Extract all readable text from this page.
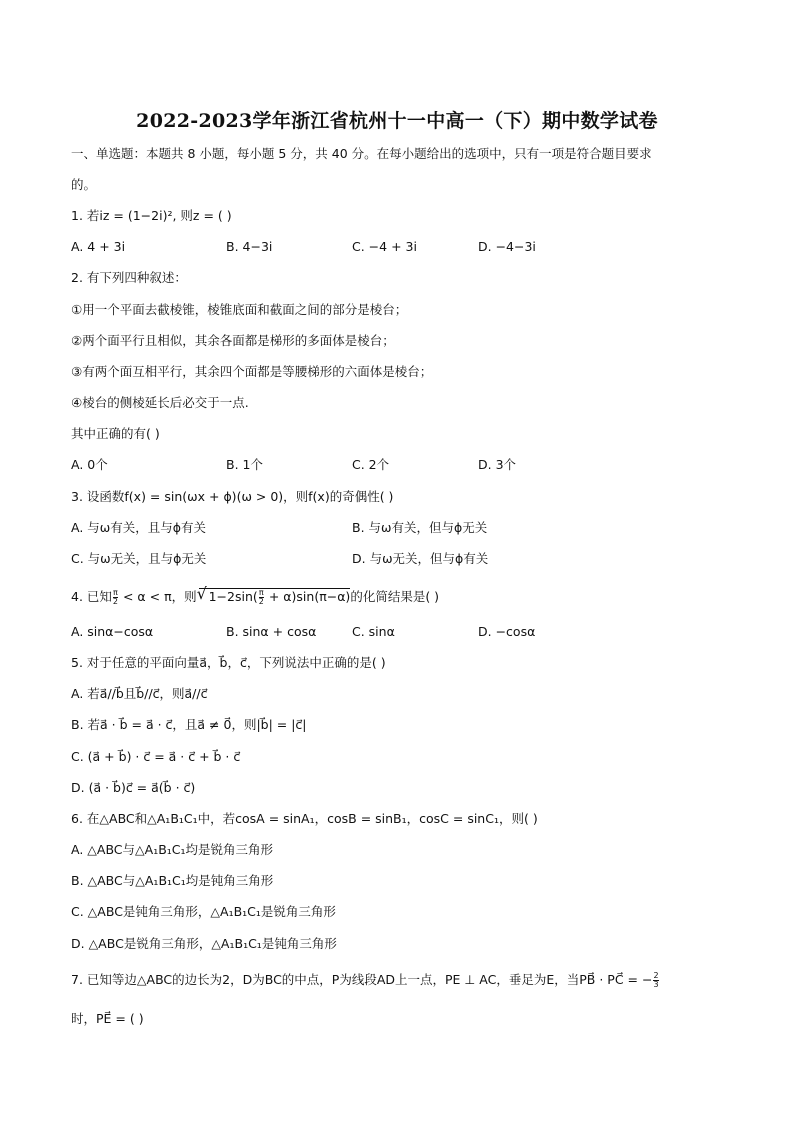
2022-2023学年浙江省杭州十一中高一（下）期中数学试卷
一、单选题：本题共 8 小题，每小题 5 分，共 40 分。在每小题给出的选项中，只有一项是符合题目要求
的。
1. 若iz = (1−2i)², 则z = ( )
A. 4 + 3i	B. 4−3i	C. −4 + 3i	D. −4−3i
2. 有下列四种叙述：
①用一个平面去截棱锥，棱锥底面和截面之间的部分是棱台；
②两个面平行且相似，其余各面都是梯形的多面体是棱台；
③有两个面互相平行，其余四个面都是等腰梯形的六面体是棱台；
④棱台的侧棱延长后必交于一点.
其中正确的有( )
A. 0个	B. 1个	C. 2个	D. 3个
3. 设函数f(x) = sin(ωx + ϕ)(ω > 0)，则f(x)的奇偶性( )
A. 与ω有关，且与ϕ有关	B. 与ω有关，但与ϕ无关
C. 与ω无关，且与ϕ无关	D. 与ω无关，但与ϕ有关
4. 已知 $\frac{\pi}{2} < \alpha < \pi$，则√ $1-2\sin( \frac{\pi}{2} + \alpha)\sin(\pi-\alpha)$的化简结果是( )
A. sinα−cosα	B. sinα + cosα	C. sinα	D. −cosα
5. 对于任意的平面向量a⃗，b⃗，c⃗，下列说法中正确的是( )
A. 若a⃗//b⃗且b⃗//c⃗，则a⃗//c⃗
B. 若a⃗ · b⃗ = a⃗ · c⃗，且a⃗ ≠ 0⃗，则|b⃗| = |c⃗|
C. (a⃗ + b⃗) · c⃗ = a⃗ · c⃗ + b⃗ · c⃗
D. (a⃗ · b⃗)c⃗ = a⃗(b⃗ · c⃗)
6. 在△ABC和△A₁B₁C₁中，若cosA = sinA₁，cosB = sinB₁，cosC = sinC₁，则( )
A. △ABC与△A₁B₁C₁均是锐角三角形
B. △ABC与△A₁B₁C₁均是钝角三角形
C. △ABC是钝角三角形，△A₁B₁C₁是锐角三角形
D. △ABC是锐角三角形，△A₁B₁C₁是钝角三角形
7. 已知等边△ABC的边长为2，D为BC的中点，P为线段AD上一点，PE ⊥ AC，垂足为E，当PB⃗ · PC⃗ = − $\frac{2}{3}$
时，PE⃗ = ( )
